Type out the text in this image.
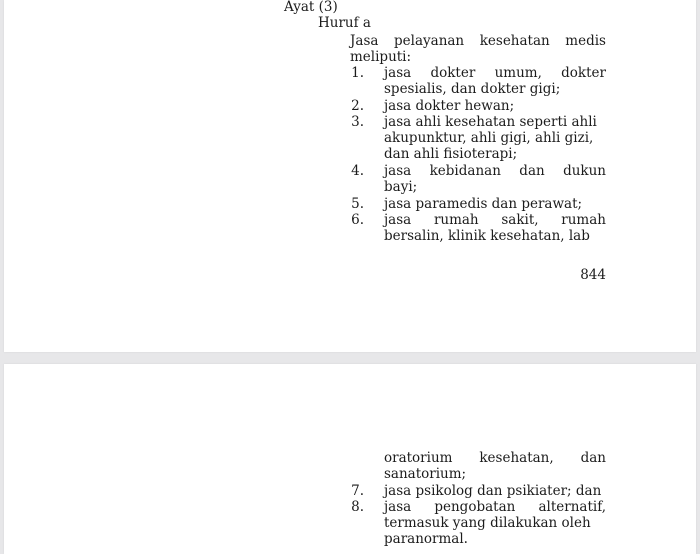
Ayat (3)
Huruf a
Jasa pelayanan kesehatan medis
meliputi:
1. jasa dokter umum, dokter
spesialis, dan dokter gigi;
2. jasa dokter hewan;
3. jasa ahli kesehatan seperti ahli
akupunktur, ahli gigi, ahli gizi,
dan ahli fisioterapi;
4. jasa kebidanan dan dukun
bayi;
5. jasa paramedis dan perawat;
6. jasa rumah sakit, rumah
bersalin, klinik kesehatan, lab
844
oratorium kesehatan, dan
sanatorium;
7. jasa psikolog dan psikiater; dan
8. jasa pengobatan alternatif,
termasuk yang dilakukan oleh
paranormal.
